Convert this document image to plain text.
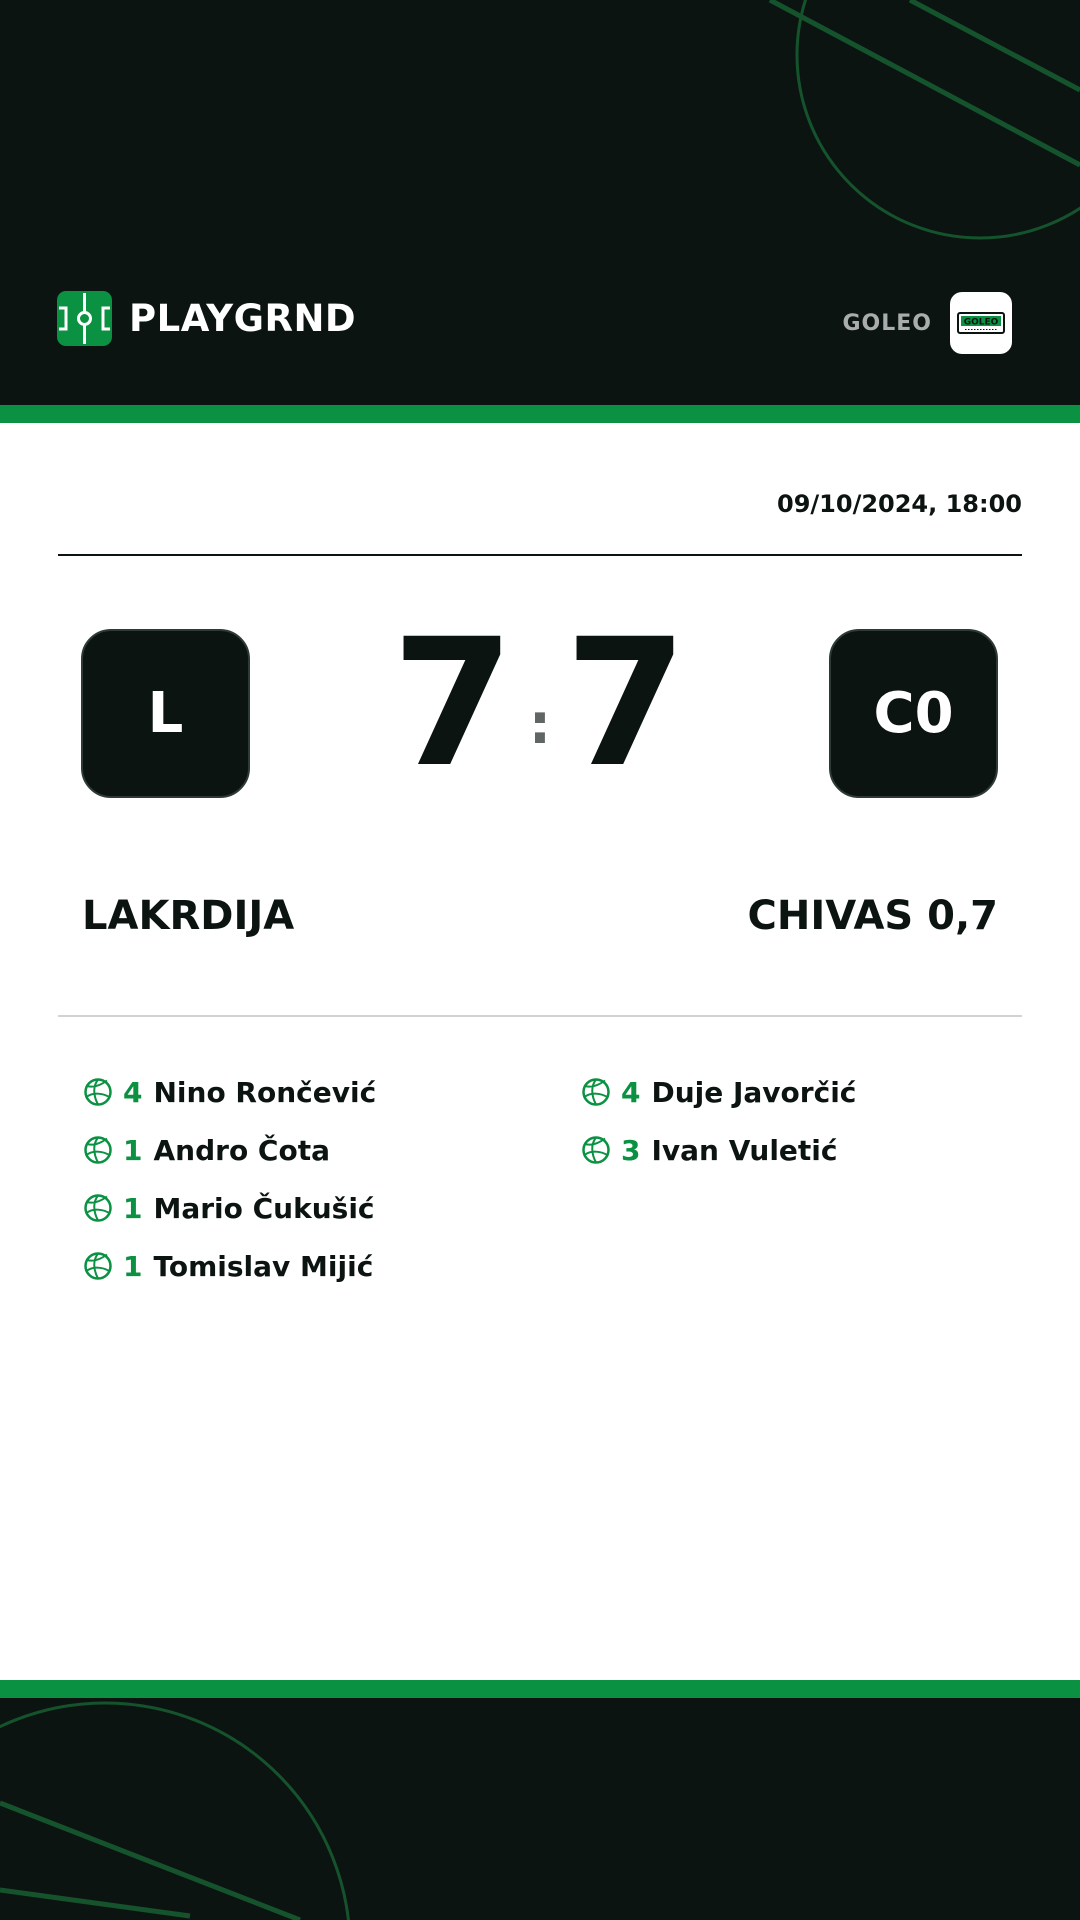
PLAYGRND	GOLEO	GOLEO
09/10/2024, 18:00
L	7 : 7	C0
LAKRDIJA	CHIVAS 0,7
4 Nino Rončević
1 Andro Čota
1 Mario Čukušić
1 Tomislav Mijić
4 Duje Javorčić
3 Ivan Vuletić
